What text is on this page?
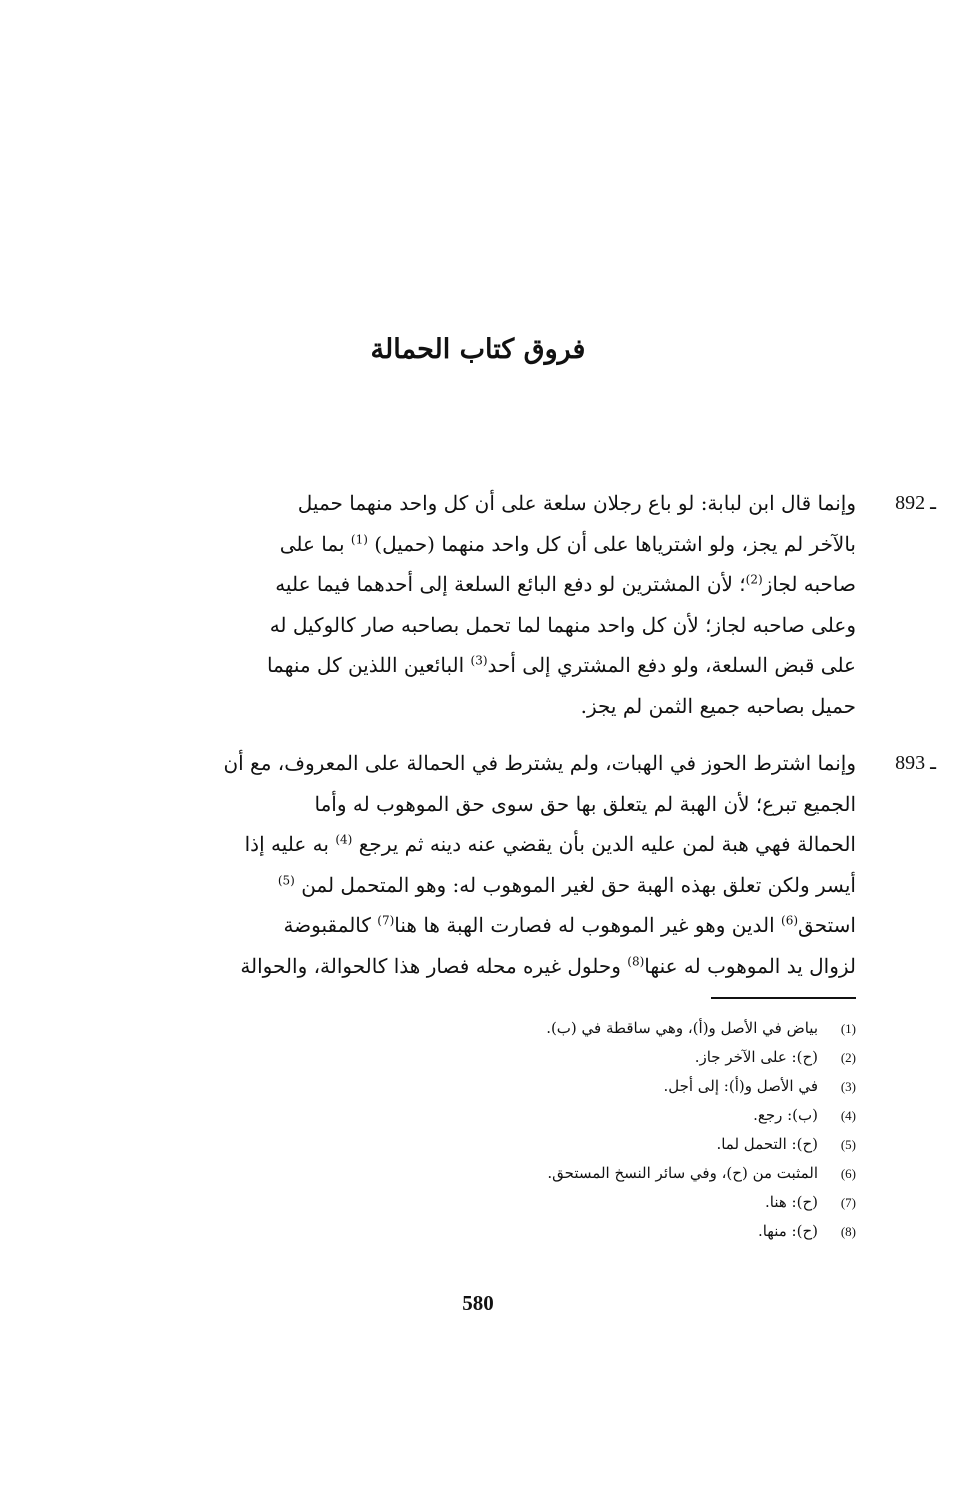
فروق كتاب الحمالة
892 ـ
وإنما قال ابن لبابة: لو باع رجلان سلعة على أن كل واحد منهما حميل
بالآخر لم يجز، ولو اشترياها على أن كل واحد منهما (حميل) $^{(1)}$ بما على
صاحبه لجاز$^{(2)}$؛ لأن المشترين لو دفع البائع السلعة إلى أحدهما فيما عليه
وعلى صاحبه لجاز؛ لأن كل واحد منهما لما تحمل بصاحبه صار كالوكيل له
على قبض السلعة، ولو دفع المشتري إلى أحد$^{(3)}$ البائعين اللذين كل منهما
حميل بصاحبه جميع الثمن لم يجز.
893 ـ
وإنما اشترط الحوز في الهبات، ولم يشترط في الحمالة على المعروف، مع أن
الجميع تبرع؛ لأن الهبة لم يتعلق بها حق سوى حق الموهوب له وأما
الحمالة فهي هبة لمن عليه الدين بأن يقضي عنه دينه ثم يرجع $^{(4)}$ به عليه إذا
أيسر ولكن تعلق بهذه الهبة حق لغير الموهوب له: وهو المتحمل لمن $^{(5)}$
استحق$^{(6)}$ الدين وهو غير الموهوب له فصارت الهبة ها هنا$^{(7)}$ كالمقبوضة
لزوال يد الموهوب له عنها$^{(8)}$ وحلول غيره محله فصار هذا كالحوالة، والحوالة
(1)
بياض في الأصل و(أ)، وهي ساقطة في (ب).
(2)
(ح): على الآخر جاز.
(3)
في الأصل و(أ): إلى أجل.
(4)
(ب): رجع.
(5)
(ح): التحمل لما.
(6)
المثبت من (ح)، وفي سائر النسخ المستحق.
(7)
(ح): هنا.
(8)
(ح): منها.
580
